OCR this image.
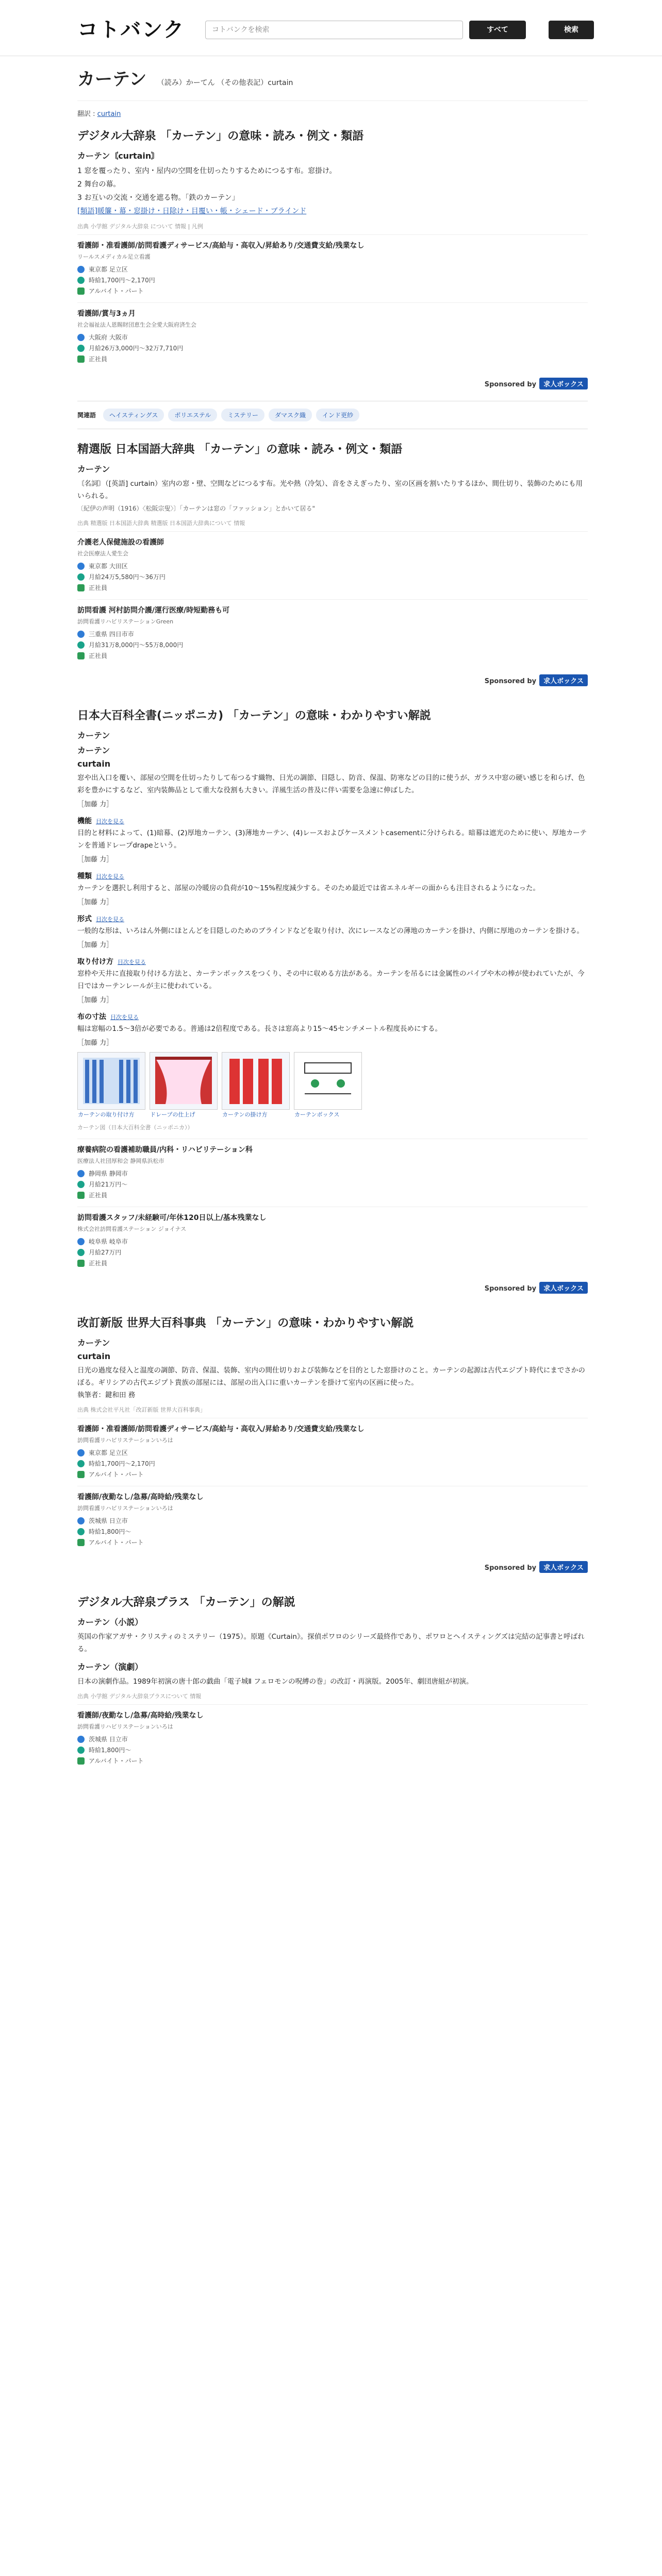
コトバンク	コトバンクを検索	すべて	検索
カーテン （読み）かーてん （その他表記）curtain
翻訳 : curtain
デジタル大辞泉 「カーテン」の意味・読み・例文・類語
カーテン〘curtain〙
1 窓を覆ったり、室内・屋内の空間を仕切ったりするためにつるす布。窓掛け。
2 舞台の幕。
3 お互いの交流・交通を遮る物。「鉄のカーテン」
[類語]暖簾・幕・窓掛け・日除け・目覆い・帳・シェード・ブラインド
出典 小学館 デジタル大辞泉 について 情報 | 凡例
看護師・准看護師/訪問看護ディサービス/高給与・高収入/昇給あり/交通費支給/残業なし
リールスメディカル足立看護
東京都 足立区
時給1,700円〜2,170円
アルバイト・パート
看護師/賞与3ヵ月
社会福祉法人恩賜財団恵生会全愛大阪府済生会
大阪府 大阪市
月給26万3,000円〜32万7,710円
正社員
Sponsored by 求人ボックス
関連語	ヘイスティングス	ポリエステル	ミステリー	ダマスク織	インド更紗
精選版 日本国語大辞典 「カーテン」の意味・読み・例文・類語
カーテン
〘名詞〙（[英語] curtain）室内の窓・壁、空間などにつるす布。光や熱（冷気）、音をさえぎったり、室の区画を割いたりするほか、間仕切り、装飾のためにも用いられる。
〔紀伊の声明（1916）〈松阪宗叟〉〕「カーテンは窓の「ファッション」とかいて居る"
出典 精選版 日本国語大辞典 精選版 日本国語大辞典について 情報
介護老人保健施設の看護師
社会医療法人愛生会
東京都 大田区
月給24万5,580円〜36万円
正社員
訪問看護 河村訪問介護/運行医療/時短勤務も可
訪問看護リハビリステーションGreen
三重県 四日市市
月給31万8,000円〜55万8,000円
正社員
Sponsored by 求人ボックス
日本大百科全書(ニッポニカ) 「カーテン」の意味・わかりやすい解説
カーテン
カーテン
curtain
窓や出入口を覆い、部屋の空間を仕切ったりして布つるす織物、日光の調節、目隠し、防音、保温、防寒などの目的に使うが、ガラス中窓の硬い感じを和らげ、色彩を豊かにするなど、室内装飾品として重大な役割も大きい。洋風生活の普及に伴い需要を急速に伸ばした。
［加藤 力］
機能 目次を見る
目的と材料によって、(1)暗幕、(2)厚地カーテン、(3)薄地カーテン、(4)レースおよびケースメントcasementに分けられる。暗幕は遮光のために使い、厚地カーテンを普通ドレープdrapeという。
［加藤 力］
種類 目次を見る
カーテンを選択し利用すると、部屋の冷暖房の負荷が10〜15%程度減少する。そのため最近では省エネルギーの面からも注目されるようになった。
［加藤 力］
形式 目次を見る
一般的な形は、いろはん外側にほとんどを目隠しのためのブラインドなどを取り付け、次にレースなどの薄地のカーテンを掛け、内側に厚地のカーテンを掛ける。
［加藤 力］
取り付け方 目次を見る
窓枠や天井に直接取り付ける方法と、カーテンボックスをつくり、その中に収める方法がある。カーテンを吊るには金属性のパイプや木の棒が使われていたが、今日ではカーテンレールが主に使われている。
［加藤 力］
布の寸法 目次を見る
幅は窓幅の1.5〜3倍が必要である。普通は2倍程度である。長さは窓高より15〜45センチメートル程度長めにする。
［加藤 力］
カーテンの取り付け方	ドレープの仕上げ	カーテンの掛け方	カーテンボックス
カーテン図（日本大百科全書（ニッポニカ））
療養病院の看護補助職員/内科・リハビリテーション科
医療法人社団厚和会 静岡県浜松市
静岡県 静岡市
月給21万円〜
正社員
訪問看護スタッフ/未経験可/年休120日以上/基本残業なし
株式会社訪問看護ステーション ジョイナス
岐阜県 岐阜市
月給27万円
正社員
Sponsored by 求人ボックス
改訂新版 世界大百科事典 「カーテン」の意味・わかりやすい解説
カーテン
curtain
日光の過度な侵入と温度の調節、防音、保温、装飾、室内の間仕切りおよび装飾などを目的とした窓掛けのこと。カーテンの起源は古代エジプト時代にまでさかのぼる。ギリシアの古代エジプト貴族の部屋には、部屋の出入口に重いカーテンを掛けて室内の区画に使った。
執筆者：鍵和田 務
出典 株式会社平凡社「改訂新版 世界大百科事典」
看護師・准看護師/訪問看護ディサービス/高給与・高収入/昇給あり/交通費支給/残業なし
訪問看護リハビリステーションいろは
東京都 足立区
時給1,700円〜2,170円
アルバイト・パート
看護師/夜勤なし/急募/高時給/残業なし
訪問看護リハビリステーションいろは
茨城県 日立市
時給1,800円〜
アルバイト・パート
Sponsored by 求人ボックス
デジタル大辞泉プラス 「カーテン」の解説
カーテン（小説）
英国の作家アガサ・クリスティのミステリー（1975）。原題《Curtain》。探偵ポワロのシリーズ最終作であり、ポワロとヘイスティングズは完結の記事書と呼ばれる。
カーテン（演劇）
日本の演劇作品。1989年初演の唐十郎の戯曲「電子城Ⅱ フェロモンの呪縛の巻」の改訂・再演版。2005年、劇団唐組が初演。
出典 小学館 デジタル大辞泉プラスについて 情報
看護師/夜勤なし/急募/高時給/残業なし
訪問看護リハビリステーションいろは
茨城県 日立市
時給1,800円〜
アルバイト・パート
